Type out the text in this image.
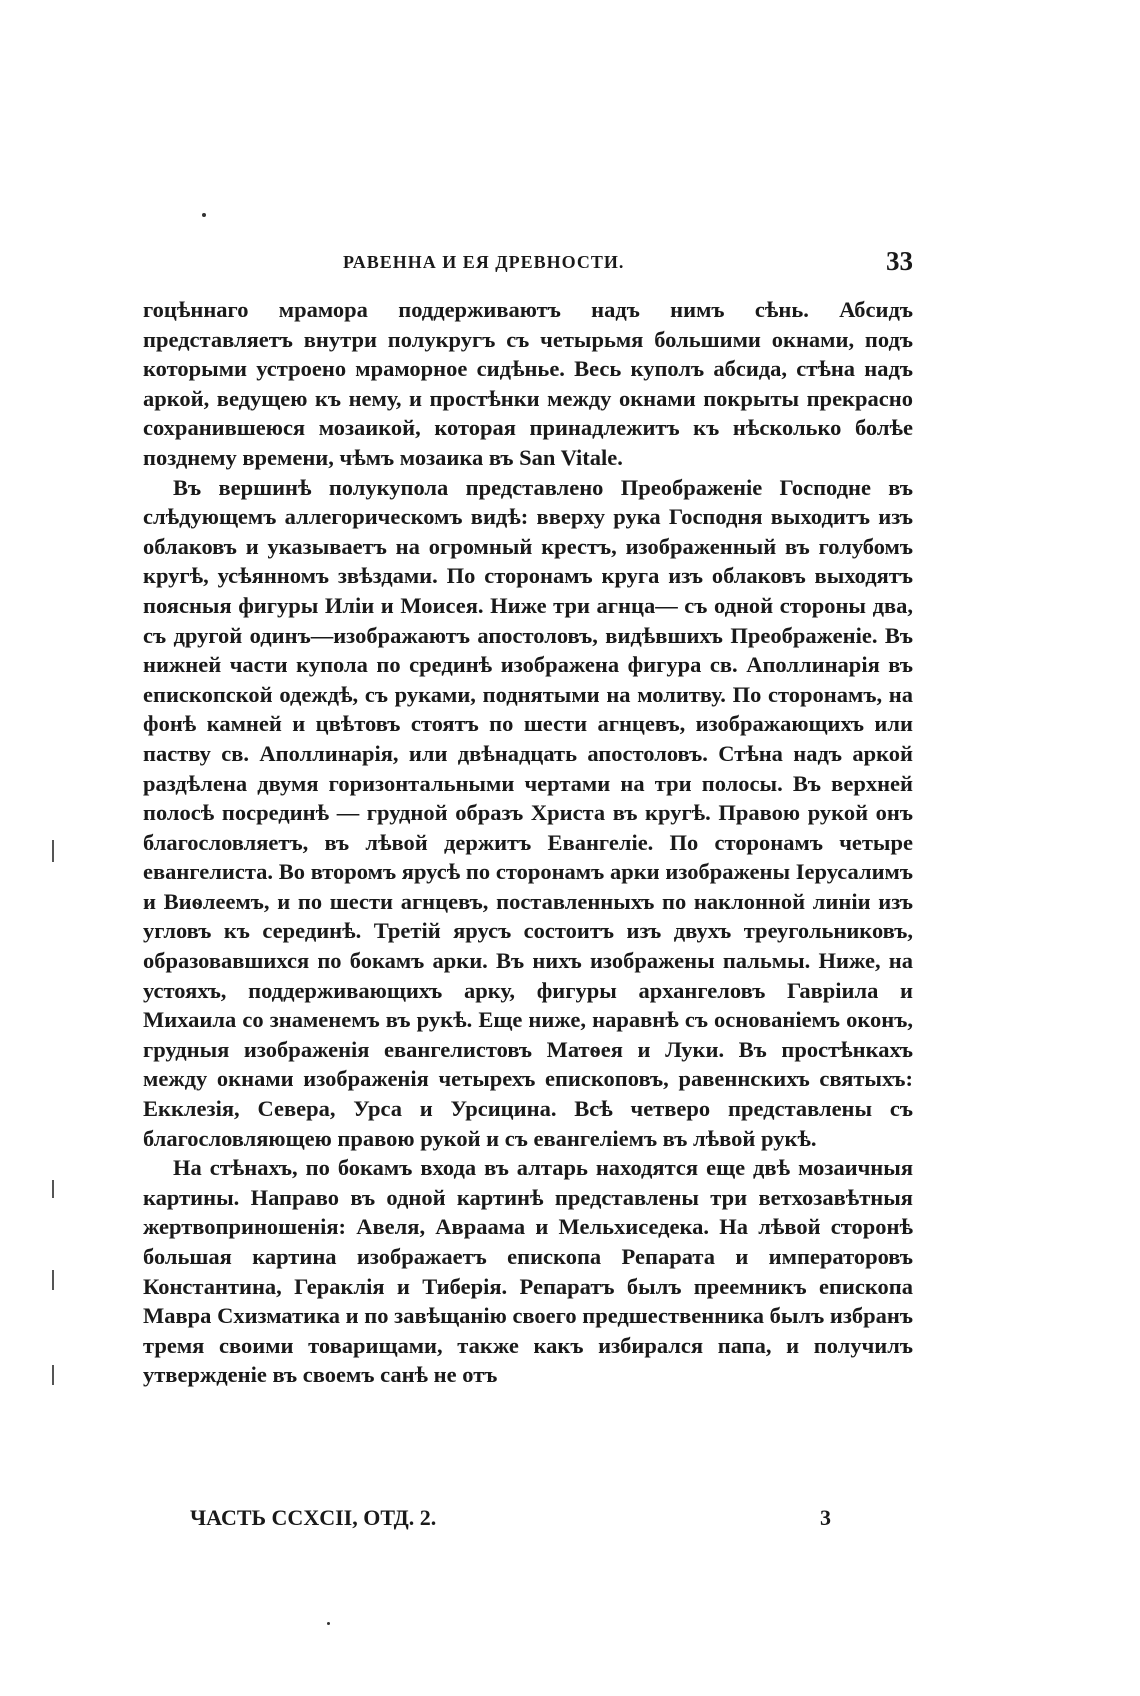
РАВЕННА И ЕЯ ДРЕВНОСТИ.	33

гоцѣннаго мрамора поддерживаютъ надъ нимъ сѣнь. Абсидъ представляетъ внутри полукругъ съ четырьмя большими окнами, подъ которыми устроено мраморное сидѣнье. Весь куполъ абсида, стѣна надъ аркой, ведущею къ нему, и простѣнки между окнами покрыты прекрасно сохранившеюся мозаикой, которая принадлежитъ къ нѣсколько болѣе позднему времени, чѣмъ мозаика въ San Vitale.

Въ вершинѣ полукупола представлено Преображеніе Господне въ слѣдующемъ аллегорическомъ видѣ: вверху рука Господня выходитъ изъ облаковъ и указываетъ на огромный крестъ, изображенный въ голубомъ кругѣ, усѣянномъ звѣздами. По сторонамъ круга изъ облаковъ выходятъ поясныя фигуры Иліи и Моисея. Ниже три агнца— съ одной стороны два, съ другой одинъ—изображаютъ апостоловъ, видѣвшихъ Преображеніе. Въ нижней части купола по срединѣ изображена фигура св. Аполлинарія въ епископской одеждѣ, съ руками, поднятыми на молитву. По сторонамъ, на фонѣ камней и цвѣтовъ стоятъ по шести агнцевъ, изображающихъ или паству св. Аполлинарія, или двѣнадцать апостоловъ. Стѣна надъ аркой раздѣлена двумя горизонтальными чертами на три полосы. Въ верхней полосѣ посрединѣ — грудной образъ Христа въ кругѣ. Правою рукой онъ благословляетъ, въ лѣвой держитъ Евангеліе. По сторонамъ четыре евангелиста. Во второмъ ярусѣ по сторонамъ арки изображены Іерусалимъ и Виѳлеемъ, и по шести агнцевъ, поставленныхъ по наклонной линіи изъ угловъ къ серединѣ. Третій ярусъ состоитъ изъ двухъ треугольниковъ, образовавшихся по бокамъ арки. Въ нихъ изображены пальмы. Ниже, на устояхъ, поддерживающихъ арку, фигуры архангеловъ Гавріила и Михаила со знаменемъ въ рукѣ. Еще ниже, наравнѣ съ основаніемъ оконъ, грудныя изображенія евангелистовъ Матѳея и Луки. Въ простѣнкахъ между окнами изображенія четырехъ епископовъ, равеннскихъ святыхъ: Екклезія, Севера, Урса и Урсицина. Всѣ четверо представлены съ благословляющею правою рукой и съ евангеліемъ въ лѣвой рукѣ.

На стѣнахъ, по бокамъ входа въ алтарь находятся еще двѣ мозаичныя картины. Направо въ одной картинѣ представлены три ветхозавѣтныя жертвоприношенія: Авеля, Авраама и Мельхиседека. На лѣвой сторонѣ большая картина изображаетъ епископа Репарата и императоровъ Константина, Гераклія и Тиберія. Репаратъ былъ преемникъ епископа Мавра Схизматика и по завѣщанію своего предшественника былъ избранъ тремя своими товарищами, также какъ избирался папа, и получилъ утвержденіе въ своемъ санѣ не отъ

ЧАСТЬ CCXCII, ОТД. 2.	3
